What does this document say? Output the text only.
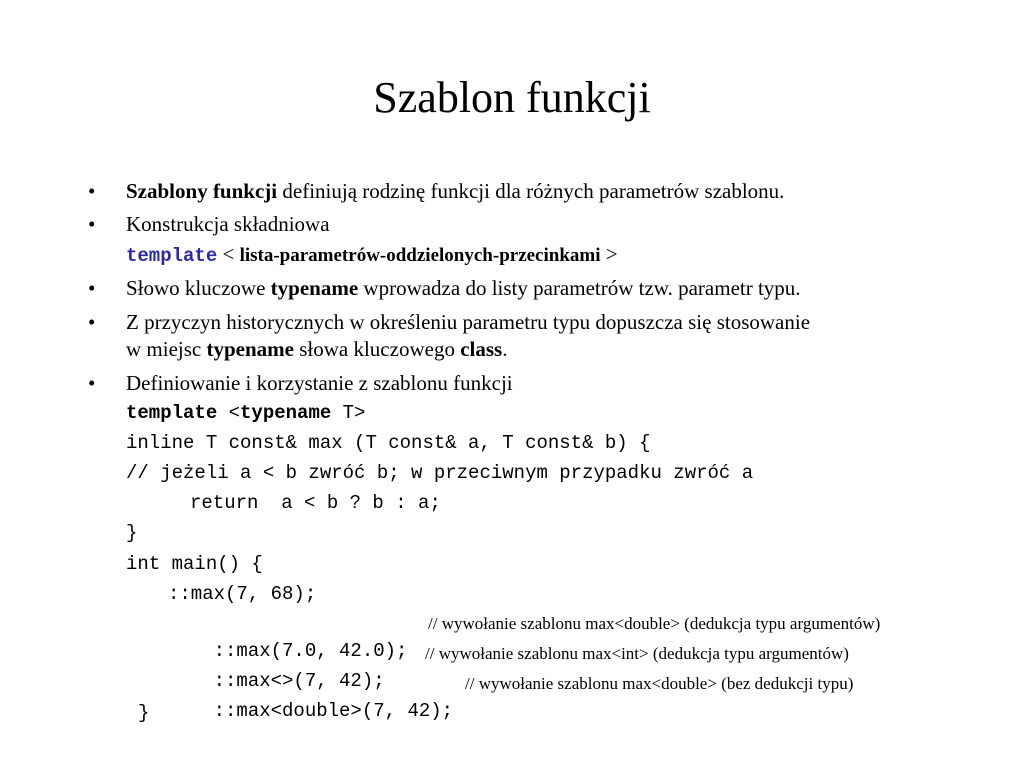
Szablon funkcji
• Szablony funkcji definiują rodzinę funkcji dla różnych parametrów szablonu.
• Konstrukcja składniowa
template < lista-parametrów-oddzielonych-przecinkami >
• Słowo kluczowe typename wprowadza do listy parametrów tzw. parametr typu.
• Z przyczyn historycznych w określeniu parametru typu dopuszcza się stosowanie
w miejsc typename słowa kluczowego class.
• Definiowanie i korzystanie z szablonu funkcji
template <typename T>
inline T const& max (T const& a, T const& b) {
// jeżeli a < b zwróć b; w przeciwnym przypadku zwróć a
return  a < b ? b : a;
}
int main() {
::max(7, 68);

::max(7.0, 42.0);

// wywołanie szablonu max<double> (dedukcja typu argumentów)

::max<>(7, 42);

// wywołanie szablonu max<int> (dedukcja typu argumentów)

::max<double>(7, 42);

// wywołanie szablonu max<double> (bez dedukcji typu)
}
